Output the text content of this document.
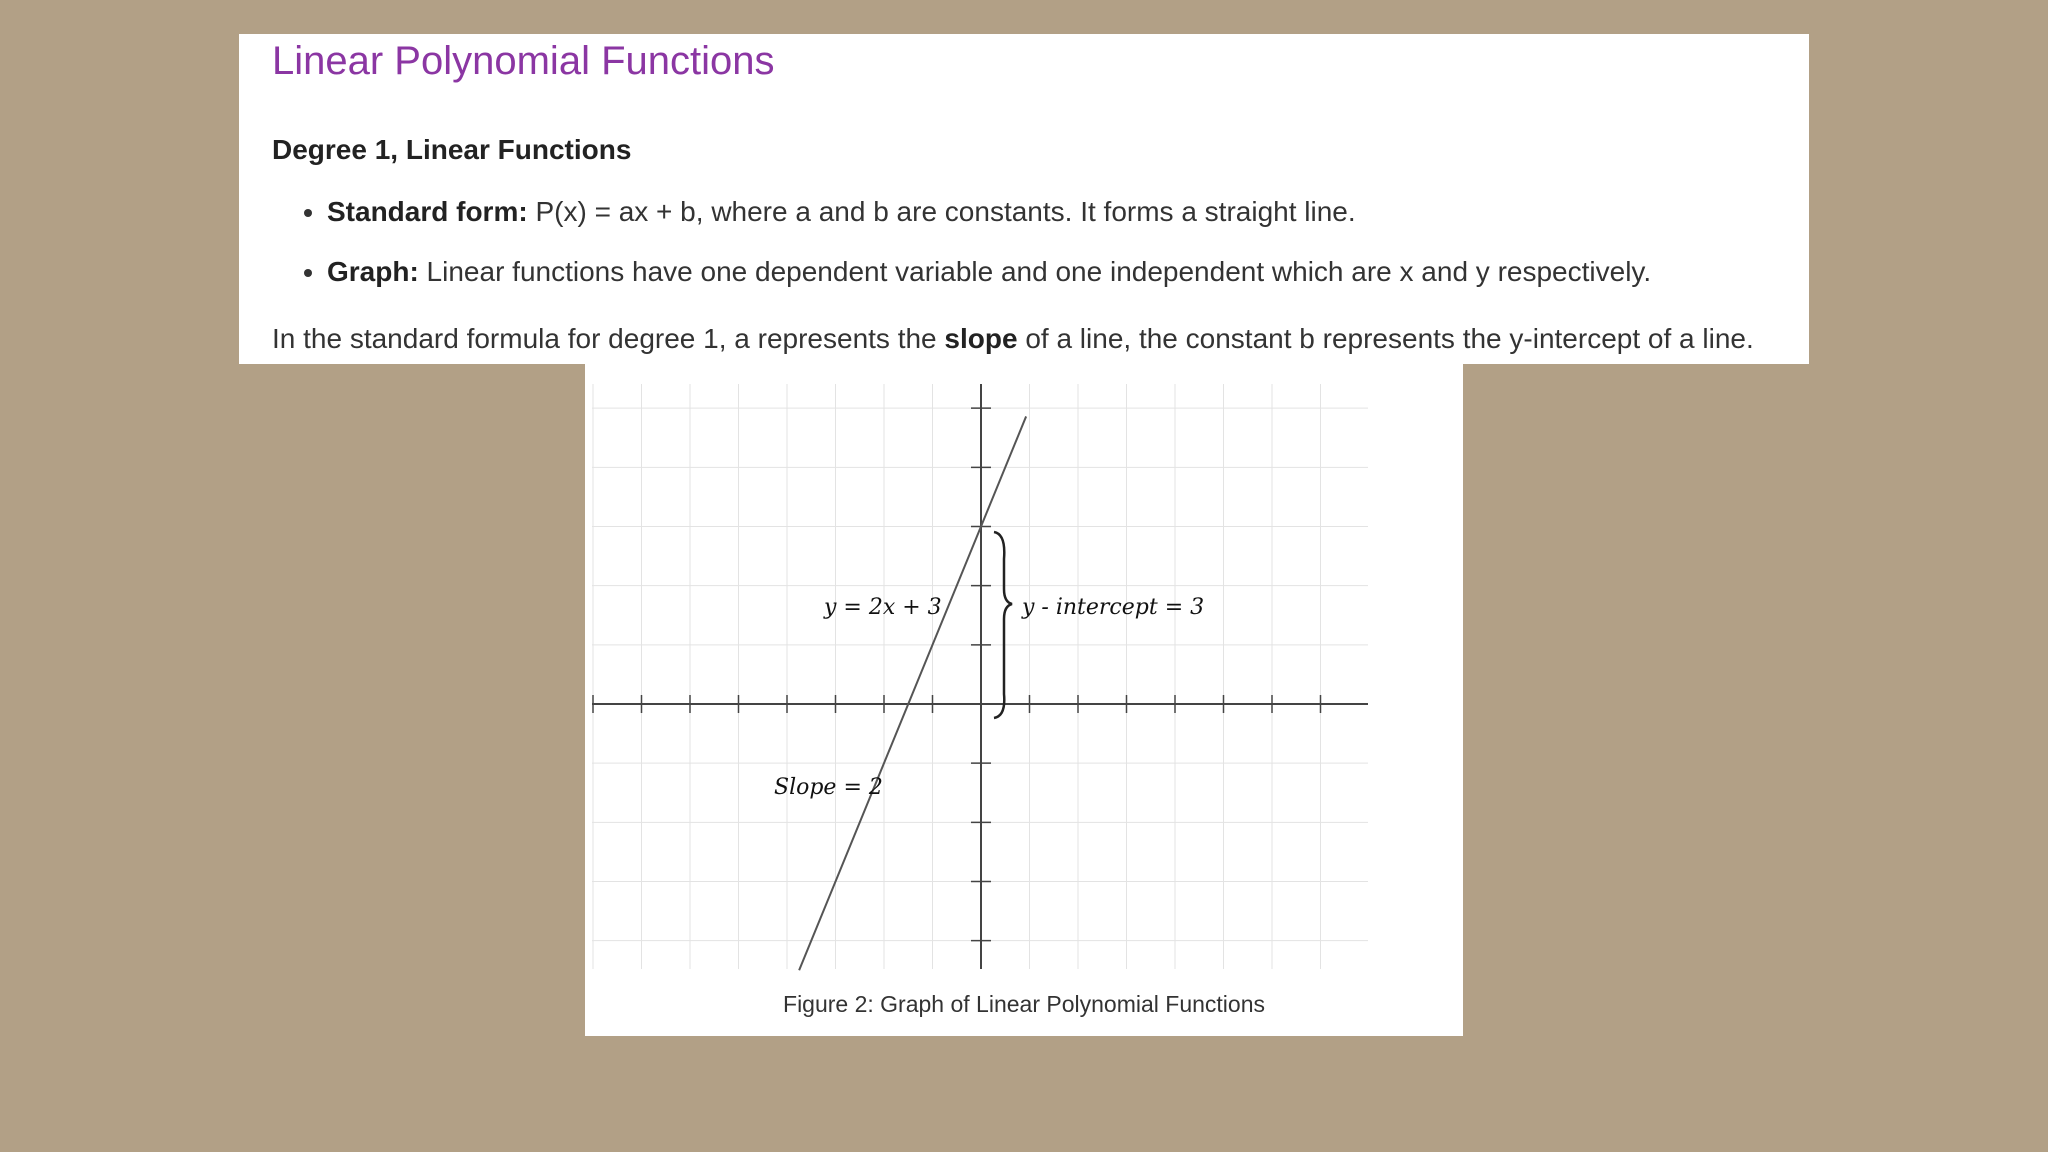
Linear Polynomial Functions
Degree 1, Linear Functions
• Standard form: P(x) = ax + b, where a and b are constants. It forms a straight line.
• Graph: Linear functions have one dependent variable and one independent which are x and y respectively.

In the standard formula for degree 1, a represents the slope of a line, the constant b represents the y-intercept of a line.

y = 2x + 3	y - intercept = 3
Slope = 2
Figure 2: Graph of Linear Polynomial Functions
